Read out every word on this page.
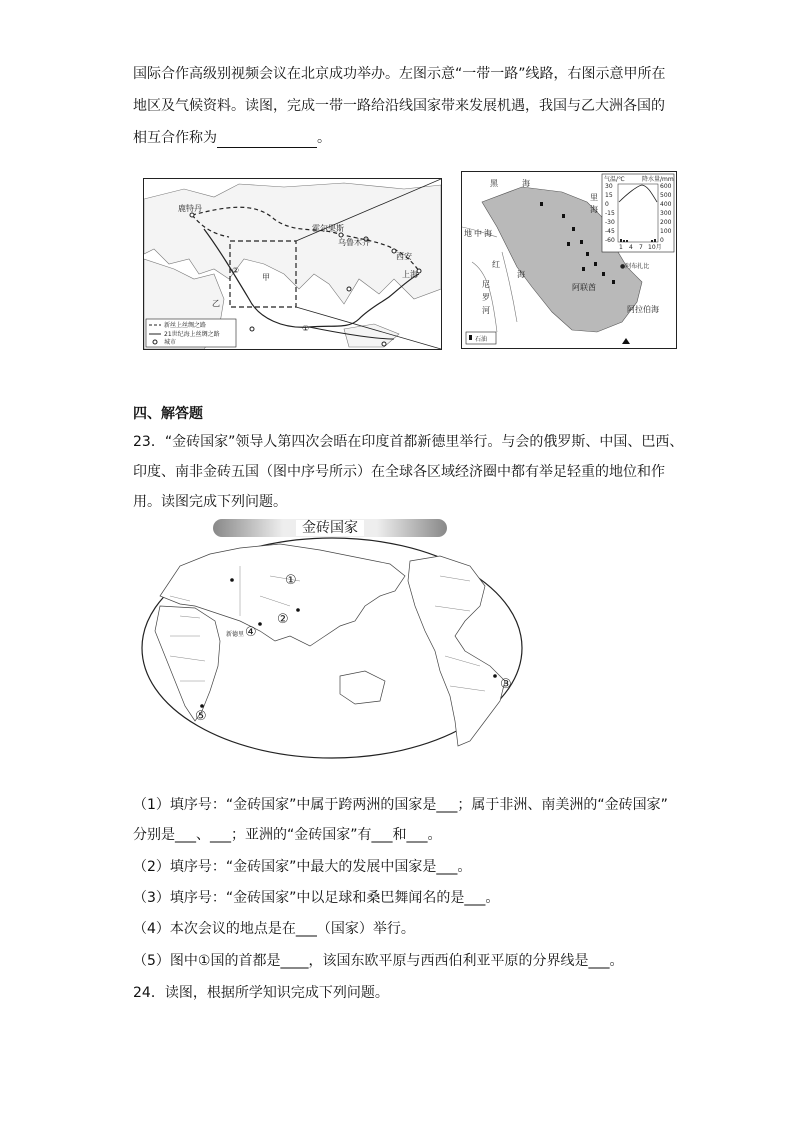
国际合作高级别视频会议在北京成功举办。左图示意“一带一路”线路，右图示意甲所在
地区及气候资料。读图，完成一带一路给沿线国家带来发展机遇，我国与乙大洲各国的
相互合作称为	。
鹿特丹
霍尔果斯
乌鲁木齐
西安
上海
甲
乙
①
②
新丝上丝绸之路
21世纪海上丝绸之路
城市
黑	海
地 中 海
红
海
尼
罗
河
里
海
阿联酋
阿拉伯海
●阿布扎比
石油
气温/℃	降水量/mm
30
15
0
-15
-30
-45
-60
600
500
400
300
200
100
0
1 4 7 10月
四、解答题
23．“金砖国家”领导人第四次会晤在印度首都新德里举行。与会的俄罗斯、中国、巴西、
印度、南非金砖五国（图中序号所示）在全球各区域经济圈中都有举足轻重的地位和作
用。读图完成下列问题。
金砖国家
①
②
③
④
⑤
新德里
（1）填序号：“金砖国家”中属于跨两洲的国家是___；属于非洲、南美洲的“金砖国家”
分别是___、___；亚洲的“金砖国家”有___和___。
（2）填序号：“金砖国家”中最大的发展中国家是___。
（3）填序号：“金砖国家”中以足球和桑巴舞闻名的是___。
（4）本次会议的地点是在___（国家）举行。
（5）图中①国的首都是____，该国东欧平原与西西伯利亚平原的分界线是___。
24．读图，根据所学知识完成下列问题。
